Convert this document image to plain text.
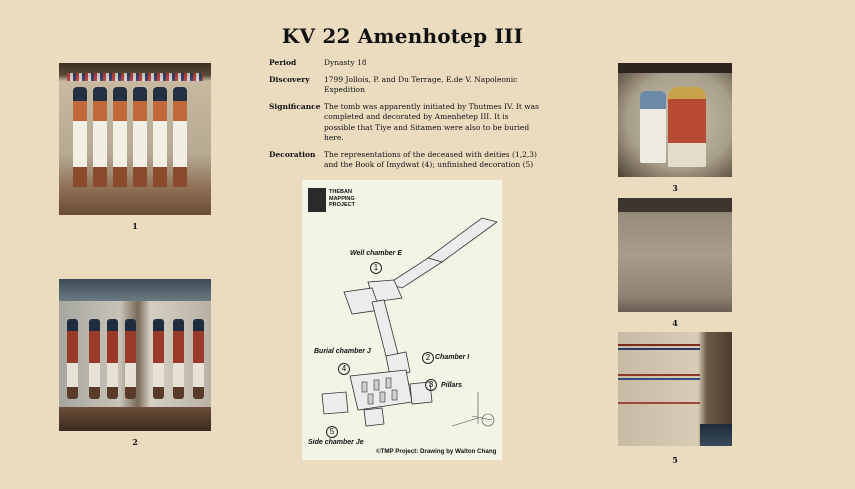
KV 22 Amenhotep III
Period	Dynasty 18
Discovery	1799 Jollois, P. and Du Terrage, E.de V. Napoleonic Expedition
Significance The tomb was apparently initiated by Thutmes IV. It was completed and decorated by Amenhetep III. It is possible that Tiye and Sitamen were also to be buried here.
Decoration	The representations of the deceased with deities (1,2,3) and the Book of Imydwat (4); unfinished decoration (5)
1
2
3
4
5
THEBAN MAPPING PROJECT
Well chamber E
1
Burial chamber J
4
2 Chamber I
3	Pillars
5
Side chamber Je
©TMP Project: Drawing by Walton Chang
